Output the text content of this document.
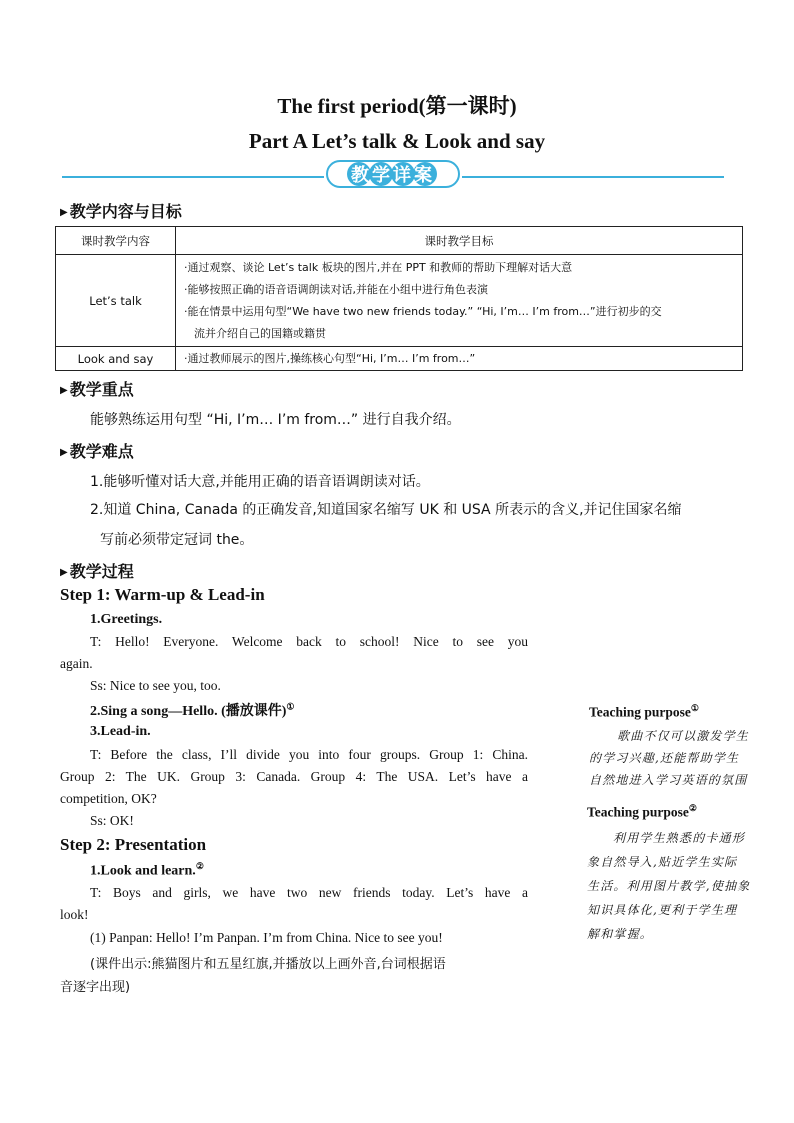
The first period(第一课时)
Part A Let’s talk & Look and say
教学详案
▶ 教学内容与目标
课时教学内容	课时教学目标
Let’s talk	·通过观察、谈论 Let’s talk 板块的图片,并在 PPT 和教师的帮助下理解对话大意
·能够按照正确的语音语调朗读对话,并能在小组中进行角色表演
·能在情景中运用句型“We have two new friends today.” “Hi, I’m… I’m from…”进行初步的交
流并介绍自己的国籍或籍贯

Look and say	·通过教师展示的图片,操练核心句型“Hi, I’m… I’m from…”
▶ 教学重点
能够熟练运用句型 “Hi, I’m… I’m from…” 进行自我介绍。
▶ 教学难点
1.能够听懂对话大意,并能用正确的语音语调朗读对话。
2.知道 China, Canada 的正确发音,知道国家名缩写 UK 和 USA 所表示的含义,并记住国家名缩
写前必须带定冠词 the。
▶ 教学过程
Step 1: Warm-up & Lead-in
1.Greetings.
T: Hello! Everyone. Welcome back to school! Nice to see you
again.
Ss: Nice to see you, too.
2.Sing a song—Hello. (播放课件)①
3.Lead-in.
T: Before the class, I’ll divide you into four groups. Group 1: China.
Group 2: The UK. Group 3: Canada. Group 4: The USA. Let’s have a
competition, OK?
Ss: OK!
Step 2: Presentation
1.Look and learn.②
T: Boys and girls, we have two new friends today. Let’s have a
look!
(1) Panpan: Hello! I’m Panpan. I’m from China. Nice to see you!
(课件出示:熊猫图片和五星红旗,并播放以上画外音,台词根据语
音逐字出现)
Teaching purpose①
歌曲不仅可以激发学生
的学习兴趣,还能帮助学生
自然地进入学习英语的氛围
Teaching purpose②
利用学生熟悉的卡通形
象自然导入,贴近学生实际
生活。利用图片教学,使抽象
知识具体化,更利于学生理
解和掌握。
